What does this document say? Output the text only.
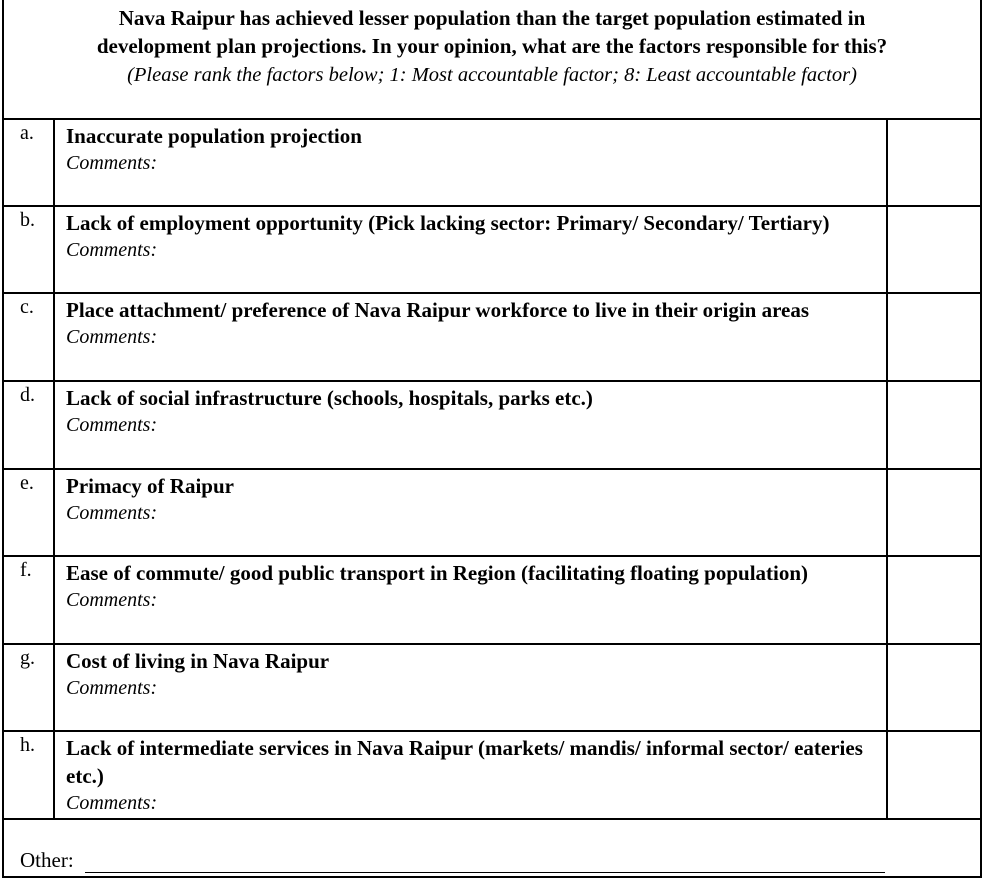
Nava Raipur has achieved lesser population than the target population estimated in
development plan projections. In your opinion, what are the factors responsible for this?
(Please rank the factors below; 1: Most accountable factor; 8: Least accountable factor)
a. Inaccurate population projection
Comments:
b. Lack of employment opportunity (Pick lacking sector: Primary/ Secondary/ Tertiary)
Comments:
c. Place attachment/ preference of Nava Raipur workforce to live in their origin areas
Comments:
d. Lack of social infrastructure (schools, hospitals, parks etc.)
Comments:
e. Primacy of Raipur
Comments:
f. Ease of commute/ good public transport in Region (facilitating floating population)
Comments:
g. Cost of living in Nava Raipur
Comments:
h. Lack of intermediate services in Nava Raipur (markets/ mandis/ informal sector/ eateries etc.)
Comments:
Other:
